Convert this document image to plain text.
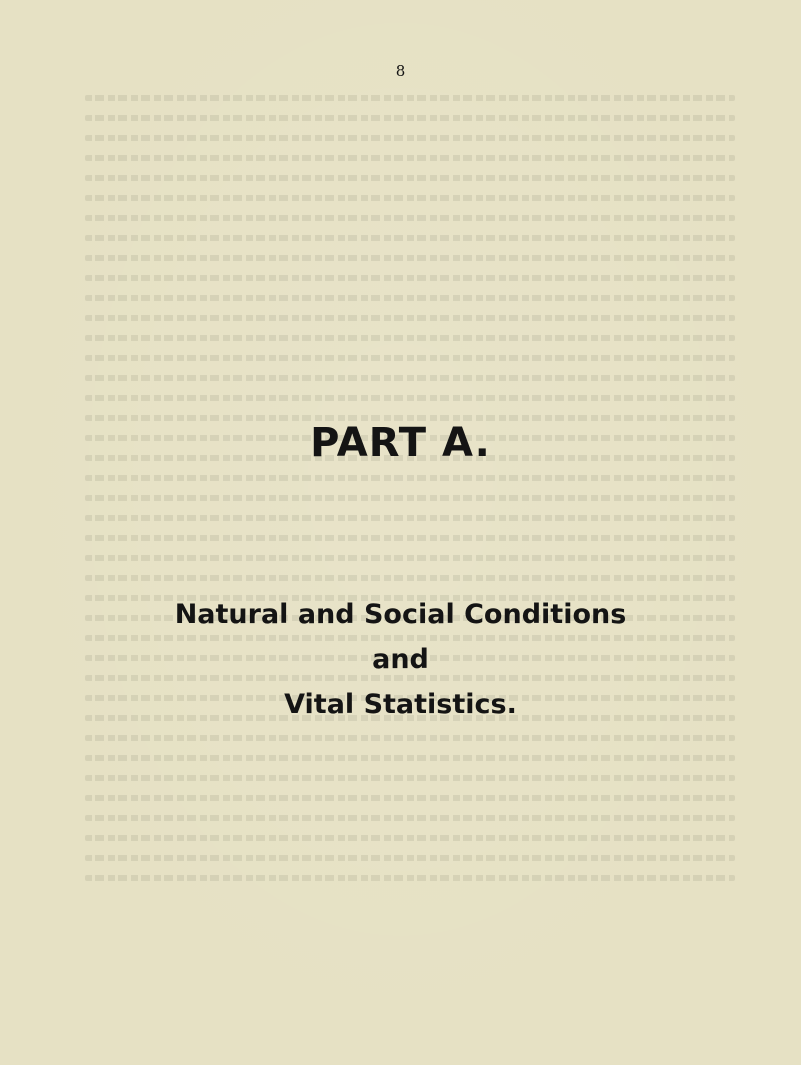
8
PART A.
Natural and Social Conditions
and
Vital Statistics.
